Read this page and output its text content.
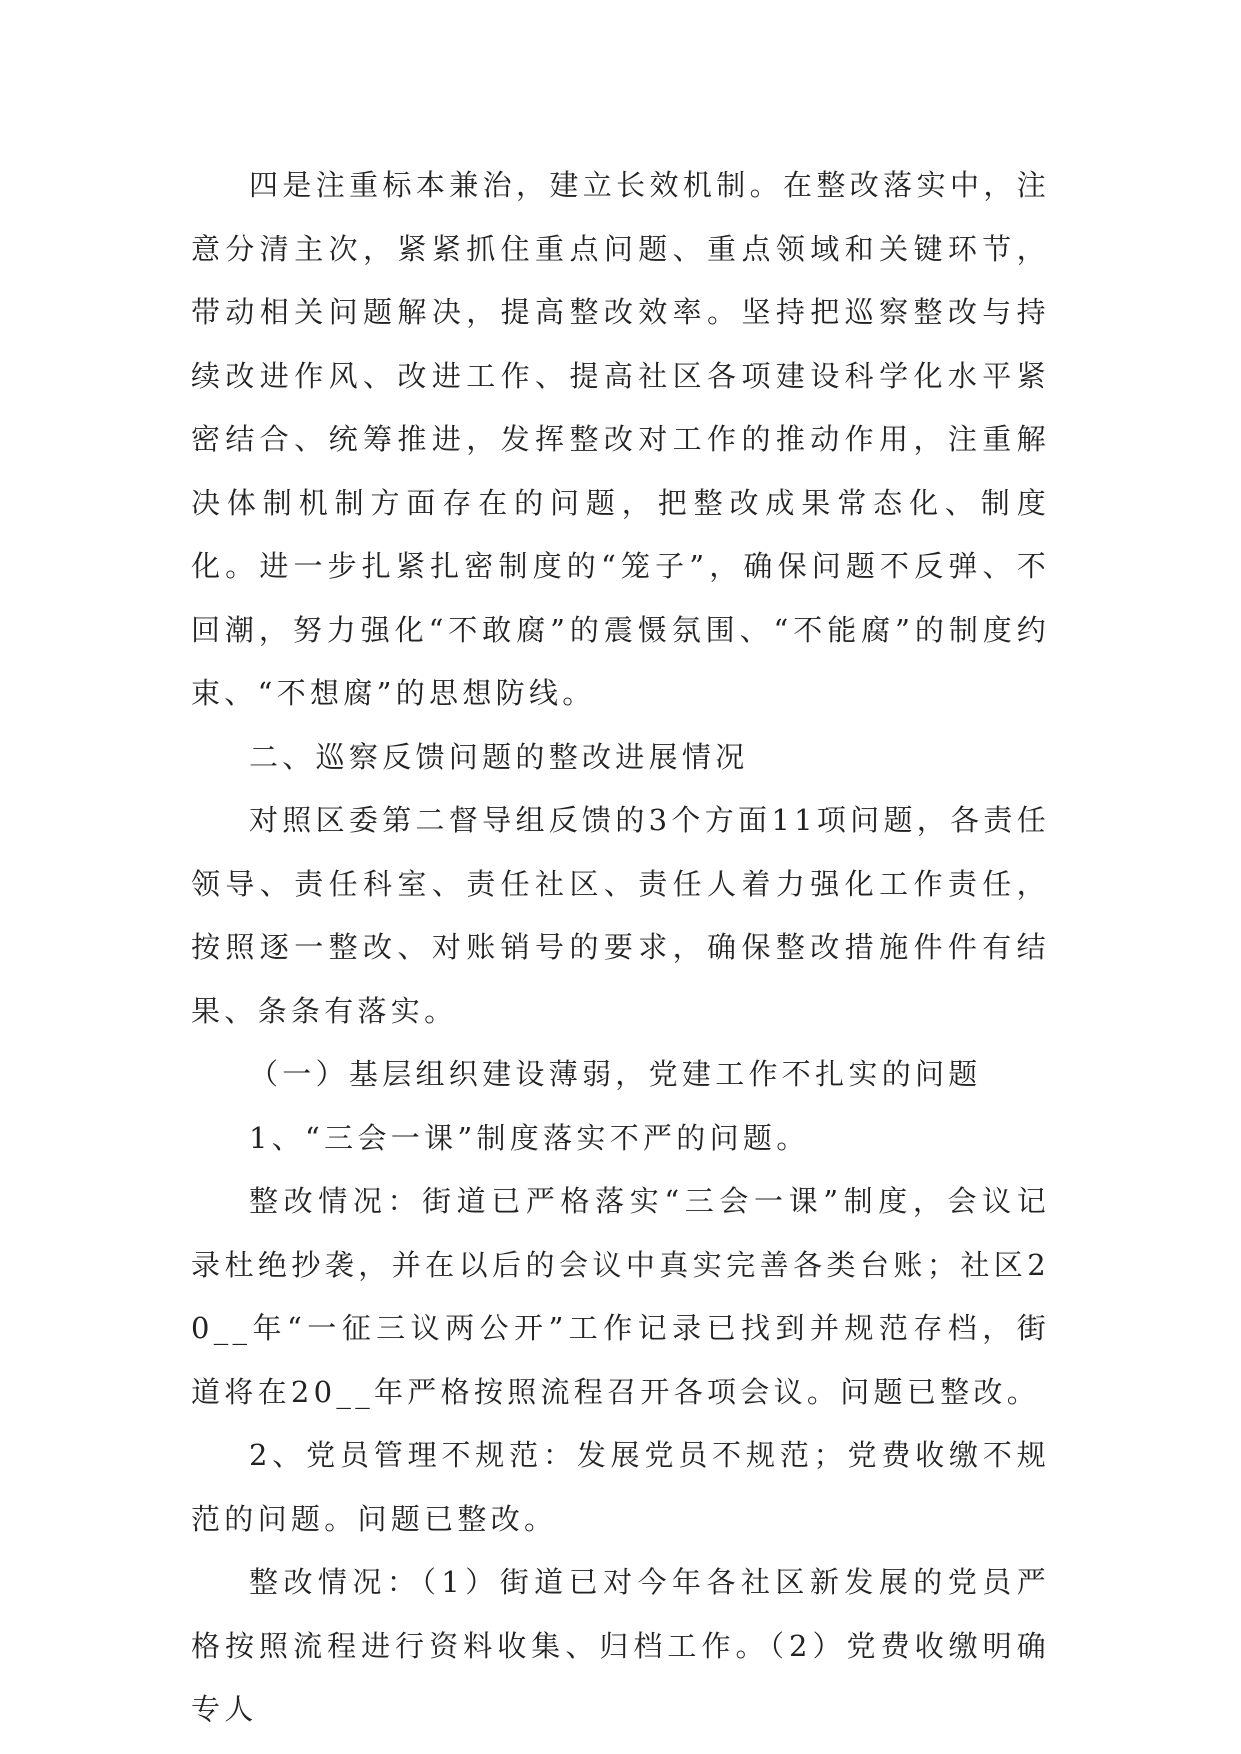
四是注重标本兼治，建立长效机制。在整改落实中，注意分清主次，紧紧抓住重点问题、重点领域和关键环节，带动相关问题解决，提高整改效率。坚持把巡察整改与持续改进作风、改进工作、提高社区各项建设科学化水平紧密结合、统筹推进，发挥整改对工作的推动作用，注重解决体制机制方面存在的问题，把整改成果常态化、制度化。进一步扎紧扎密制度的“笼子”，确保问题不反弹、不回潮，努力强化“不敢腐”的震慑氛围、“不能腐”的制度约束、“不想腐”的思想防线。

二、巡察反馈问题的整改进展情况

对照区委第二督导组反馈的3个方面11项问题，各责任领导、责任科室、责任社区、责任人着力强化工作责任，按照逐一整改、对账销号的要求，确保整改措施件件有结果、条条有落实。

（一）基层组织建设薄弱，党建工作不扎实的问题

1、“三会一课”制度落实不严的问题。

整改情况：街道已严格落实“三会一课”制度，会议记录杜绝抄袭，并在以后的会议中真实完善各类台账；社区20__年“一征三议两公开”工作记录已找到并规范存档，街道将在20__年严格按照流程召开各项会议。问题已整改。

2、党员管理不规范：发展党员不规范；党费收缴不规范的问题。问题已整改。

整改情况：（1）街道已对今年各社区新发展的党员严格按照流程进行资料收集、归档工作。（2）党费收缴明确专人
